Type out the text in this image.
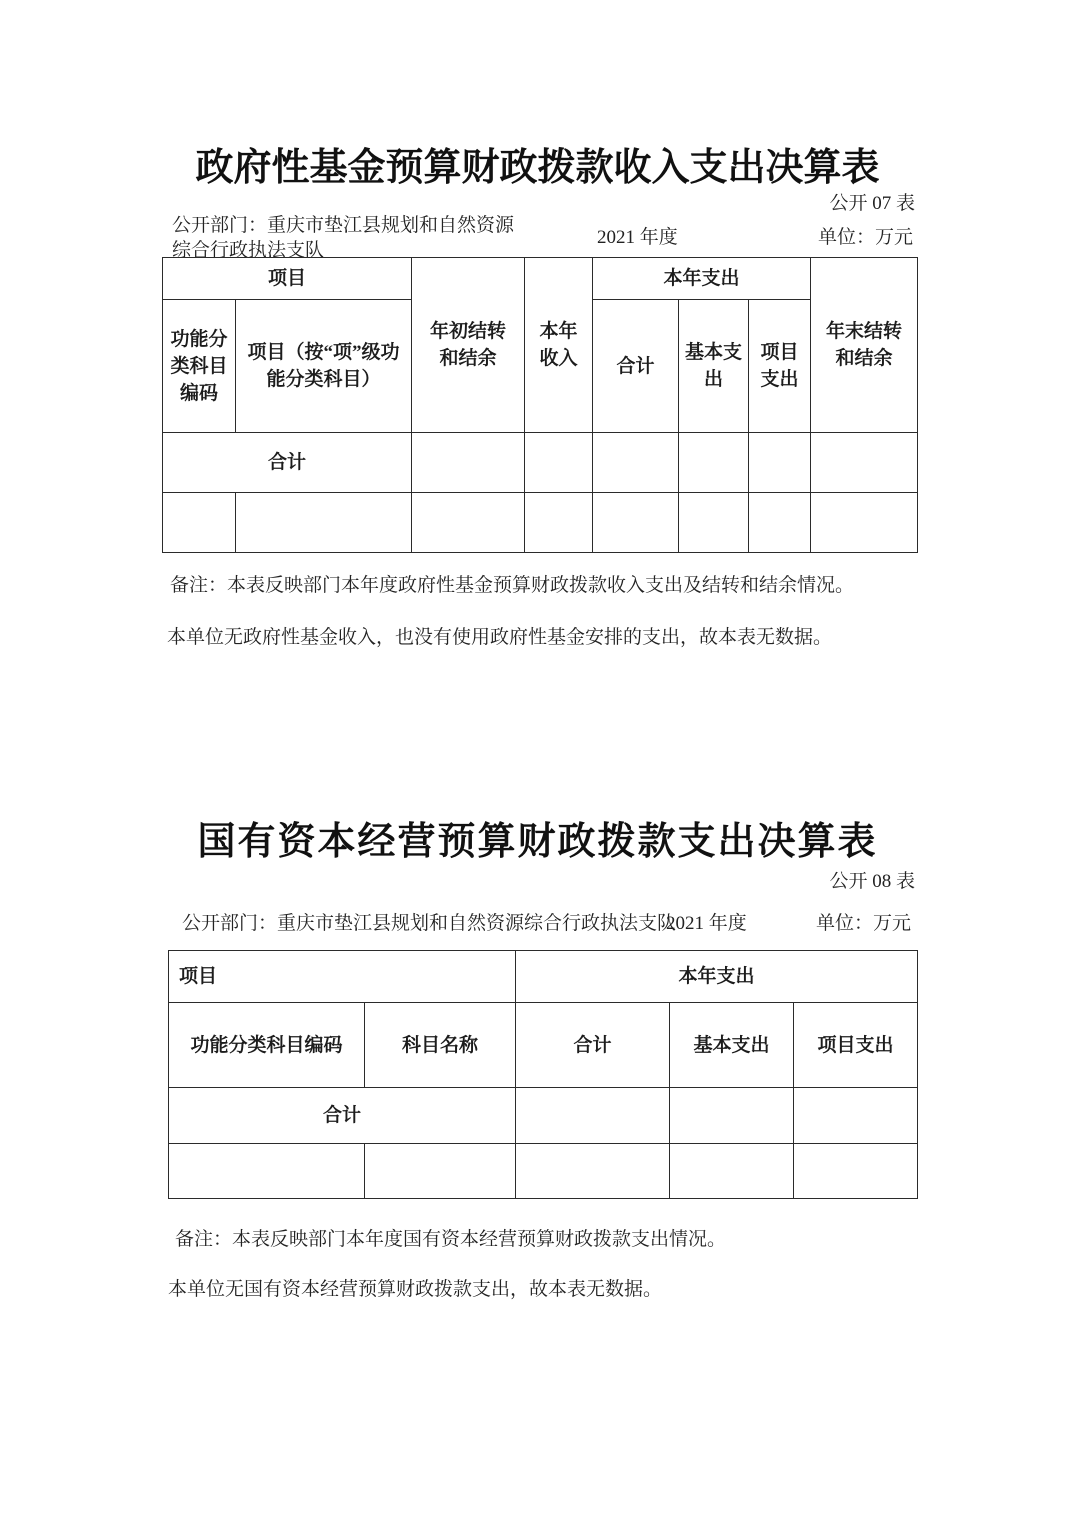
政府性基金预算财政拨款收入支出决算表
公开 07 表
公开部门：重庆市垫江县规划和自然资源综合行政执法支队
2021 年度	单位：万元
项目		年初结转和结余	本年收入	本年支出			年末结转和结余
功能分类科目编码	项目（按“项”级功能分类科目）			合计	基本支出	项目支出	
合计							

备注：本表反映部门本年度政府性基金预算财政拨款收入支出及结转和结余情况。
本单位无政府性基金收入，也没有使用政府性基金安排的支出，故本表无数据。
国有资本经营预算财政拨款支出决算表
公开 08 表
公开部门：重庆市垫江县规划和自然资源综合行政执法支队
2021 年度	单位：万元
项目		本年支出		
功能分类科目编码	科目名称	合计	基本支出	项目支出
合计				

备注：本表反映部门本年度国有资本经营预算财政拨款支出情况。
本单位无国有资本经营预算财政拨款支出，故本表无数据。
